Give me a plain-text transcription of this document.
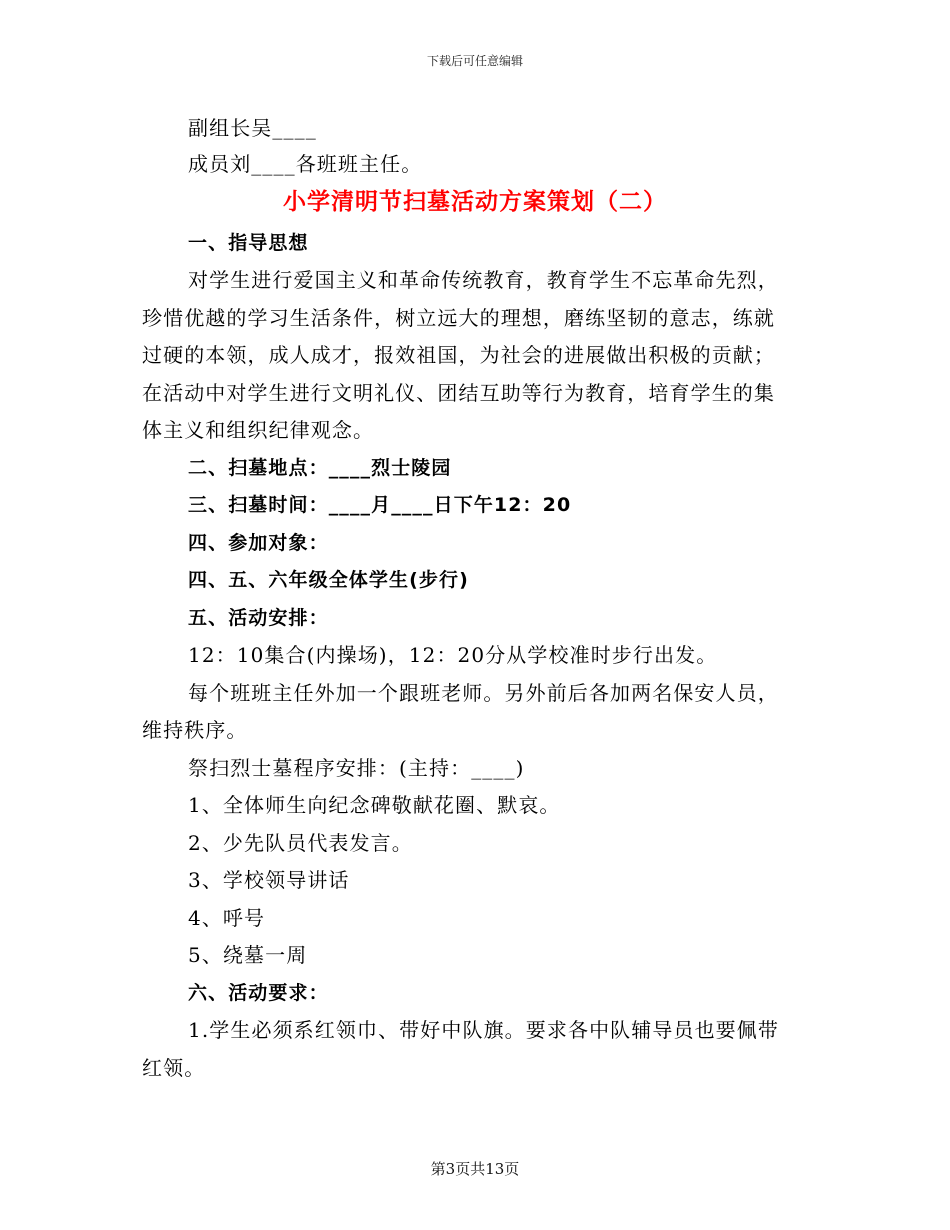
下载后可任意编辑
副组长吴____
成员刘____各班班主任。
小学清明节扫墓活动方案策划（二）
一、指导思想
对学生进行爱国主义和革命传统教育，教育学生不忘革命先烈，
珍惜优越的学习生活条件，树立远大的理想，磨练坚韧的意志，练就
过硬的本领，成人成才，报效祖国，为社会的进展做出积极的贡献；
在活动中对学生进行文明礼仪、团结互助等行为教育，培育学生的集
体主义和组织纪律观念。
二、扫墓地点：____烈士陵园
三、扫墓时间：____月____日下午12：20
四、参加对象：
四、五、六年级全体学生(步行)
五、活动安排：
12：10集合(内操场)，12：20分从学校准时步行出发。
每个班班主任外加一个跟班老师。另外前后各加两名保安人员，
维持秩序。
祭扫烈士墓程序安排：(主持：____)
1、全体师生向纪念碑敬献花圈、默哀。
2、少先队员代表发言。
3、学校领导讲话
4、呼号
5、绕墓一周
六、活动要求：
1.学生必须系红领巾、带好中队旗。要求各中队辅导员也要佩带
红领。
第3页共13页
